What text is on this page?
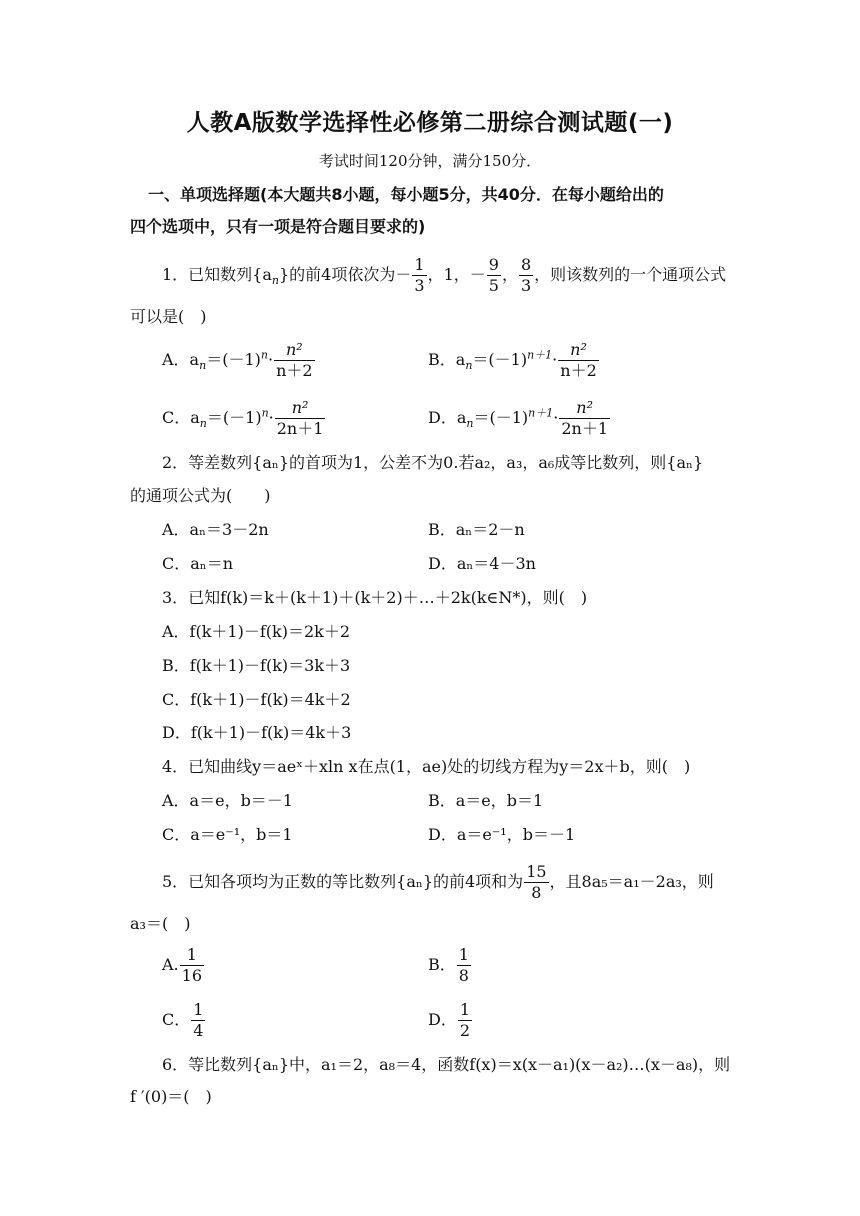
人教A版数学选择性必修第二册综合测试题(一)
考试时间120分钟，满分150分．
一、单项选择题(本大题共8小题，每小题5分，共40分．在每小题给出的
四个选项中，只有一项是符合题目要求的)
1．已知数列$\{a_n\}$的前4项依次为－ $\frac{1}{3}$ ，1，－ $\frac{9}{5}$ ， $\frac{8}{3}$ ，则该数列的一个通项公式
可以是(　)
A．$a_n=(-1)^n\cdot \frac{\text{n²}}{n+2}$	B．$a_n=(-1)^{n+1}\cdot \frac{\text{n²}}{n+2}$
C．$a_n=(-1)^n\cdot \frac{\text{n²}}{2n+1}$	D．$a_n=(-1)^{n+1}\cdot \frac{\text{n²}}{2n+1}$
2．等差数列{aₙ}的首项为1，公差不为0.若a₂，a₃，a₆成等比数列，则{aₙ}
的通项公式为(　　)
A．aₙ＝3－2n	B．aₙ＝2－n
C．aₙ＝n	D．aₙ＝4－3n
3．已知f(k)＝k＋(k＋1)＋(k＋2)＋…＋2k(k∈N*)，则(　)
A．f(k＋1)－f(k)＝2k＋2
B．f(k＋1)－f(k)＝3k＋3
C．f(k＋1)－f(k)＝4k＋2
D．f(k＋1)－f(k)＝4k＋3
4．已知曲线y＝aeˣ＋xln x在点(1，ae)处的切线方程为y＝2x＋b，则(　)
A．a＝e，b＝－1	B．a＝e，b＝1
C．a＝e⁻¹，b＝1	D．a＝e⁻¹，b＝－1
5．已知各项均为正数的等比数列{aₙ}的前4项和为 $\frac{15}{8}$ ，且8a₅＝a₁－2a₃，则
a₃＝(　)
A. $\frac{1}{16}$	B． $\frac{1}{8}$
C． $\frac{1}{4}$	D． $\frac{1}{2}$
6．等比数列{aₙ}中，a₁＝2，a₈＝4，函数f(x)＝x(x－a₁)(x－a₂)…(x－a₈)，则
f ′(0)＝(　)
